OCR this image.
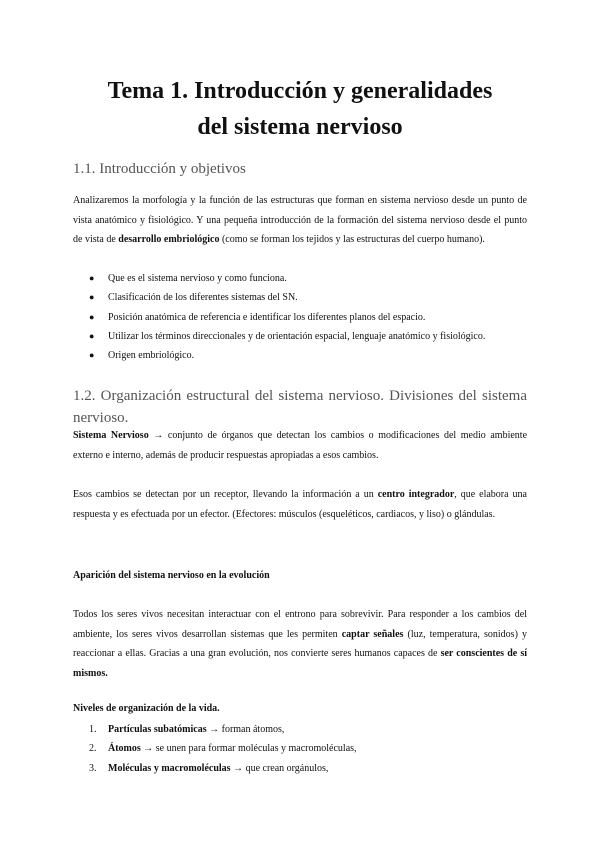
Tema 1. Introducción y generalidades
del sistema nervioso
1.1. Introducción y objetivos
Analizaremos la morfología y la función de las estructuras que forman en sistema nervioso desde un punto de vista anatómico y fisiológico. Y una pequeña introducción de la formación del sistema nervioso desde el punto de vista de desarrollo embriológico (como se forman los tejidos y las estructuras del cuerpo humano).
●	Que es el sistema nervioso y como funciona.
●	Clasificación de los diferentes sistemas del SN.
●	Posición anatómica de referencia e identificar los diferentes planos del espacio.
●	Utilizar los términos direccionales y de orientación espacial, lenguaje anatómico y fisiológico.
●	Origen embriológico.
1.2. Organización estructural del sistema nervioso. Divisiones del sistema nervioso.
Sistema Nervioso → conjunto de órganos que detectan los cambios o modificaciones del medio ambiente externo e interno, además de producir respuestas apropiadas a esos cambios.
Esos cambios se detectan por un receptor, llevando la información a un centro integrador, que elabora una respuesta y es efectuada por un efector. (Efectores: músculos (esqueléticos, cardiacos, y liso) o glándulas.
Aparición del sistema nervioso en la evolución
Todos los seres vivos necesitan interactuar con el entrono para sobrevivir. Para responder a los cambios del ambiente, los seres vivos desarrollan sistemas que les permiten captar señales (luz, temperatura, sonidos) y reaccionar a ellas. Gracias a una gran evolución, nos convierte seres humanos capaces de ser conscientes de sí mismos.
Niveles de organización de la vida.
1. Partículas subatómicas → forman átomos,
2. Átomos → se unen para formar moléculas y macromoléculas,
3. Moléculas y macromoléculas → que crean orgánulos,
